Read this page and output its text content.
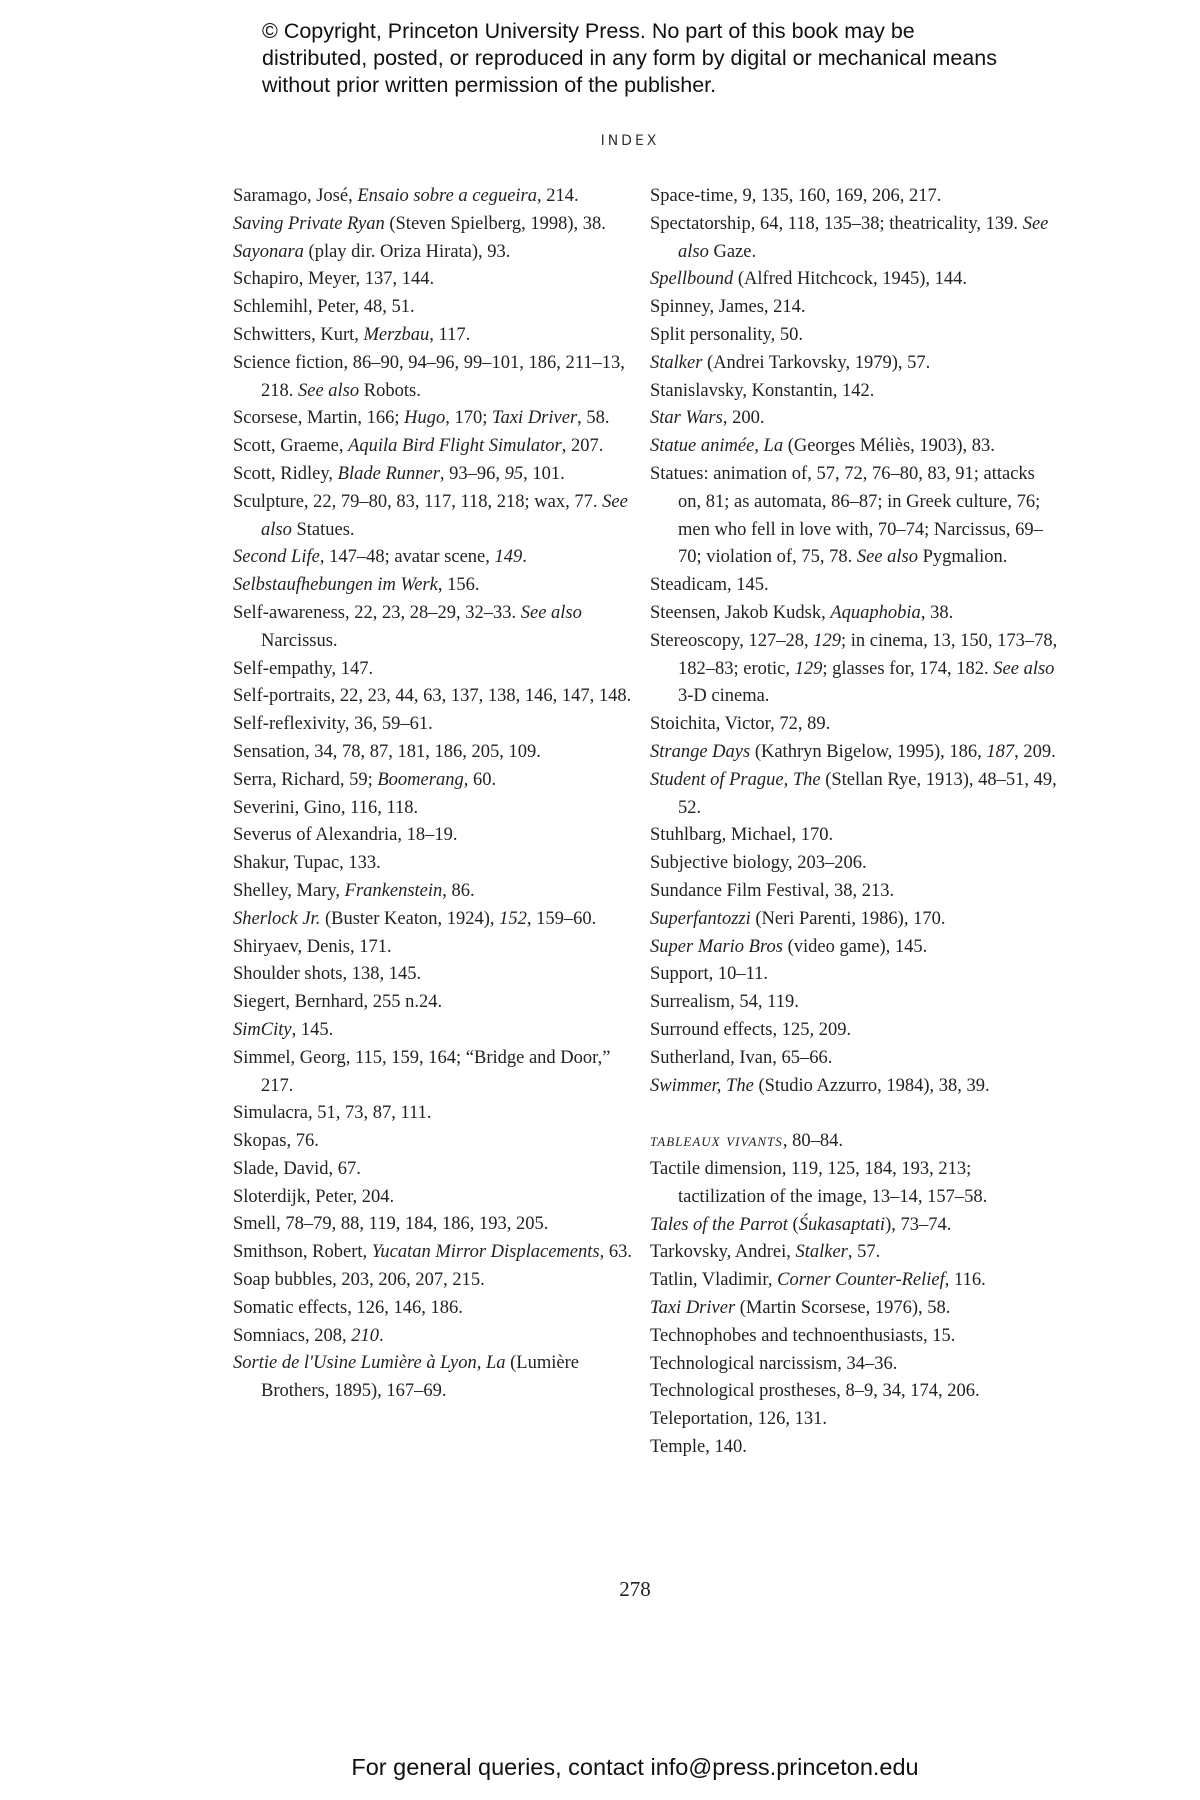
© Copyright, Princeton University Press. No part of this book may be distributed, posted, or reproduced in any form by digital or mechanical means without prior written permission of the publisher.
INDEX
Saramago, José, Ensaio sobre a cegueira, 214.
Saving Private Ryan (Steven Spielberg, 1998), 38.
Sayonara (play dir. Oriza Hirata), 93.
Schapiro, Meyer, 137, 144.
Schlemihl, Peter, 48, 51.
Schwitters, Kurt, Merzbau, 117.
Science fiction, 86–90, 94–96, 99–101, 186, 211–13, 218. See also Robots.
Scorsese, Martin, 166; Hugo, 170; Taxi Driver, 58.
Scott, Graeme, Aquila Bird Flight Simulator, 207.
Scott, Ridley, Blade Runner, 93–96, 95, 101.
Sculpture, 22, 79–80, 83, 117, 118, 218; wax, 77. See also Statues.
Second Life, 147–48; avatar scene, 149.
Selbstaufhebungen im Werk, 156.
Self-awareness, 22, 23, 28–29, 32–33. See also Narcissus.
Self-empathy, 147.
Self-portraits, 22, 23, 44, 63, 137, 138, 146, 147, 148.
Self-reflexivity, 36, 59–61.
Sensation, 34, 78, 87, 181, 186, 205, 109.
Serra, Richard, 59; Boomerang, 60.
Severini, Gino, 116, 118.
Severus of Alexandria, 18–19.
Shakur, Tupac, 133.
Shelley, Mary, Frankenstein, 86.
Sherlock Jr. (Buster Keaton, 1924), 152, 159–60.
Shiryaev, Denis, 171.
Shoulder shots, 138, 145.
Siegert, Bernhard, 255 n.24.
SimCity, 145.
Simmel, Georg, 115, 159, 164; “Bridge and Door,” 217.
Simulacra, 51, 73, 87, 111.
Skopas, 76.
Slade, David, 67.
Sloterdijk, Peter, 204.
Smell, 78–79, 88, 119, 184, 186, 193, 205.
Smithson, Robert, Yucatan Mirror Displacements, 63.
Soap bubbles, 203, 206, 207, 215.
Somatic effects, 126, 146, 186.
Somniacs, 208, 210.
Sortie de l'Usine Lumière à Lyon, La (Lumière Brothers, 1895), 167–69.
Space-time, 9, 135, 160, 169, 206, 217.
Spectatorship, 64, 118, 135–38; theatricality, 139. See also Gaze.
Spellbound (Alfred Hitchcock, 1945), 144.
Spinney, James, 214.
Split personality, 50.
Stalker (Andrei Tarkovsky, 1979), 57.
Stanislavsky, Konstantin, 142.
Star Wars, 200.
Statue animée, La (Georges Méliès, 1903), 83.
Statues: animation of, 57, 72, 76–80, 83, 91; attacks on, 81; as automata, 86–87; in Greek culture, 76; men who fell in love with, 70–74; Narcissus, 69–70; violation of, 75, 78. See also Pygmalion.
Steadicam, 145.
Steensen, Jakob Kudsk, Aquaphobia, 38.
Stereoscopy, 127–28, 129; in cinema, 13, 150, 173–78, 182–83; erotic, 129; glasses for, 174, 182. See also 3-D cinema.
Stoichita, Victor, 72, 89.
Strange Days (Kathryn Bigelow, 1995), 186, 187, 209.
Student of Prague, The (Stellan Rye, 1913), 48–51, 49, 52.
Stuhlbarg, Michael, 170.
Subjective biology, 203–206.
Sundance Film Festival, 38, 213.
Superfantozzi (Neri Parenti, 1986), 170.
Super Mario Bros (video game), 145.
Support, 10–11.
Surrealism, 54, 119.
Surround effects, 125, 209.
Sutherland, Ivan, 65–66.
Swimmer, The (Studio Azzurro, 1984), 38, 39.
tableaux vivants, 80–84.
Tactile dimension, 119, 125, 184, 193, 213; tactilization of the image, 13–14, 157–58.
Tales of the Parrot (Śukasaptati), 73–74.
Tarkovsky, Andrei, Stalker, 57.
Tatlin, Vladimir, Corner Counter-Relief, 116.
Taxi Driver (Martin Scorsese, 1976), 58.
Technophobes and technoenthusiasts, 15.
Technological narcissism, 34–36.
Technological prostheses, 8–9, 34, 174, 206.
Teleportation, 126, 131.
Temple, 140.
278
For general queries, contact info@press.princeton.edu
